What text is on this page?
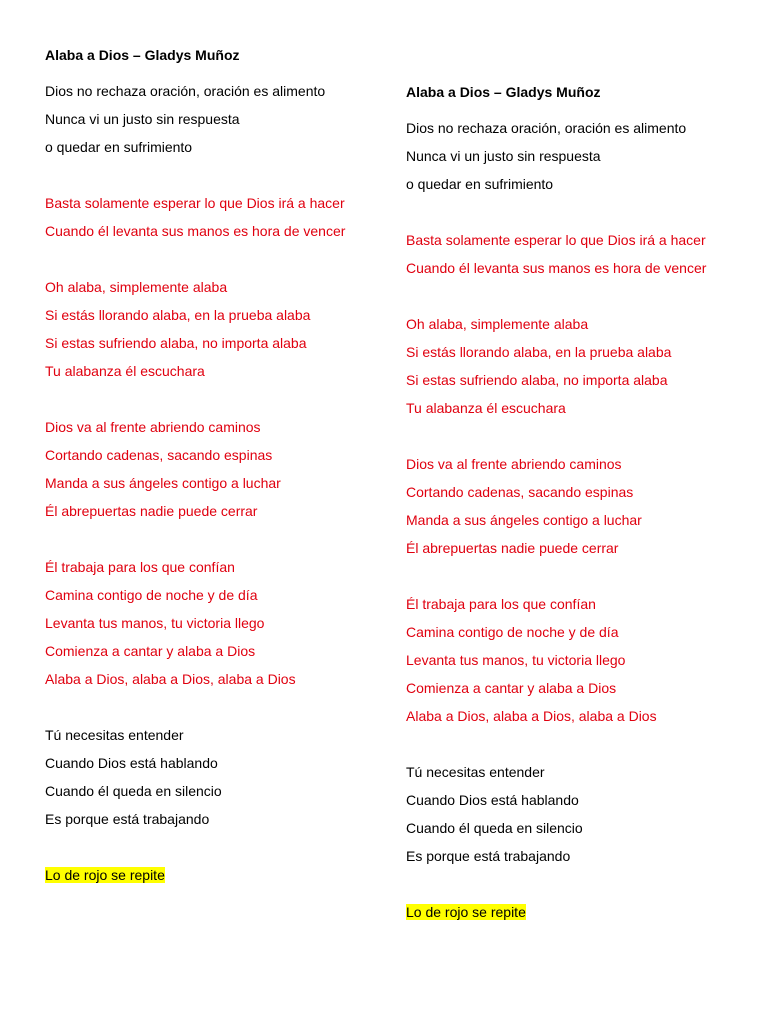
Alaba a Dios – Gladys Muñoz
Dios no rechaza oración, oración es alimento
Nunca vi un justo sin respuesta
o quedar en sufrimiento
Basta solamente esperar lo que Dios irá a hacer
Cuando él levanta sus manos es hora de vencer
Oh alaba, simplemente alaba
Si estás llorando alaba, en la prueba alaba
Si estas sufriendo alaba, no importa alaba
Tu alabanza él escuchara
Dios va al frente abriendo caminos
Cortando cadenas, sacando espinas
Manda a sus ángeles contigo a luchar
Él abrepuertas nadie puede cerrar
Él trabaja para los que confían
Camina contigo de noche y de día
Levanta tus manos, tu victoria llego
Comienza a cantar y alaba a Dios
Alaba a Dios, alaba a Dios, alaba a Dios
Tú necesitas entender
Cuando Dios está hablando
Cuando él queda en silencio
Es porque está trabajando
Lo de rojo se repite
Alaba a Dios – Gladys Muñoz
Dios no rechaza oración, oración es alimento
Nunca vi un justo sin respuesta
o quedar en sufrimiento
Basta solamente esperar lo que Dios irá a hacer
Cuando él levanta sus manos es hora de vencer
Oh alaba, simplemente alaba
Si estás llorando alaba, en la prueba alaba
Si estas sufriendo alaba, no importa alaba
Tu alabanza él escuchara
Dios va al frente abriendo caminos
Cortando cadenas, sacando espinas
Manda a sus ángeles contigo a luchar
Él abrepuertas nadie puede cerrar
Él trabaja para los que confían
Camina contigo de noche y de día
Levanta tus manos, tu victoria llego
Comienza a cantar y alaba a Dios
Alaba a Dios, alaba a Dios, alaba a Dios
Tú necesitas entender
Cuando Dios está hablando
Cuando él queda en silencio
Es porque está trabajando
Lo de rojo se repite
